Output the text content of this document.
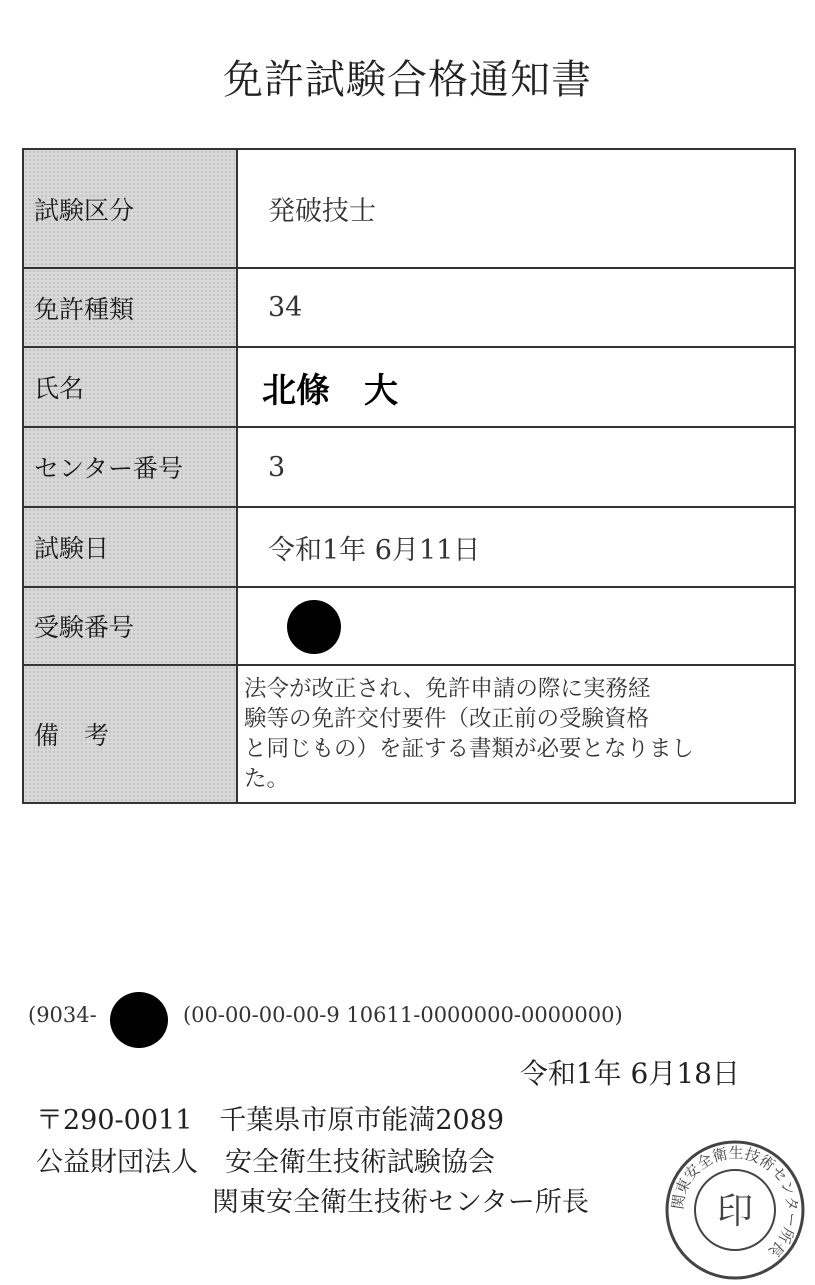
免許試験合格通知書
試験区分	発破技士
免許種類	34
氏名	北條　大
センター番号	3
試験日	令和1年 6月11日
受験番号	
備　考	法令が改正され、免許申請の際に実務経
験等の免許交付要件（改正前の受験資格
と同じもの）を証する書類が必要となりまし
た。
(9034-	(00-00-00-00-9 10611-0000000-0000000)
令和1年 6月18日
〒290-0011　千葉県市原市能満2089
公益財団法人　安全衛生技術試験協会
関東安全衛生技術センター所長	関東安全衛生技術センター所長
印
